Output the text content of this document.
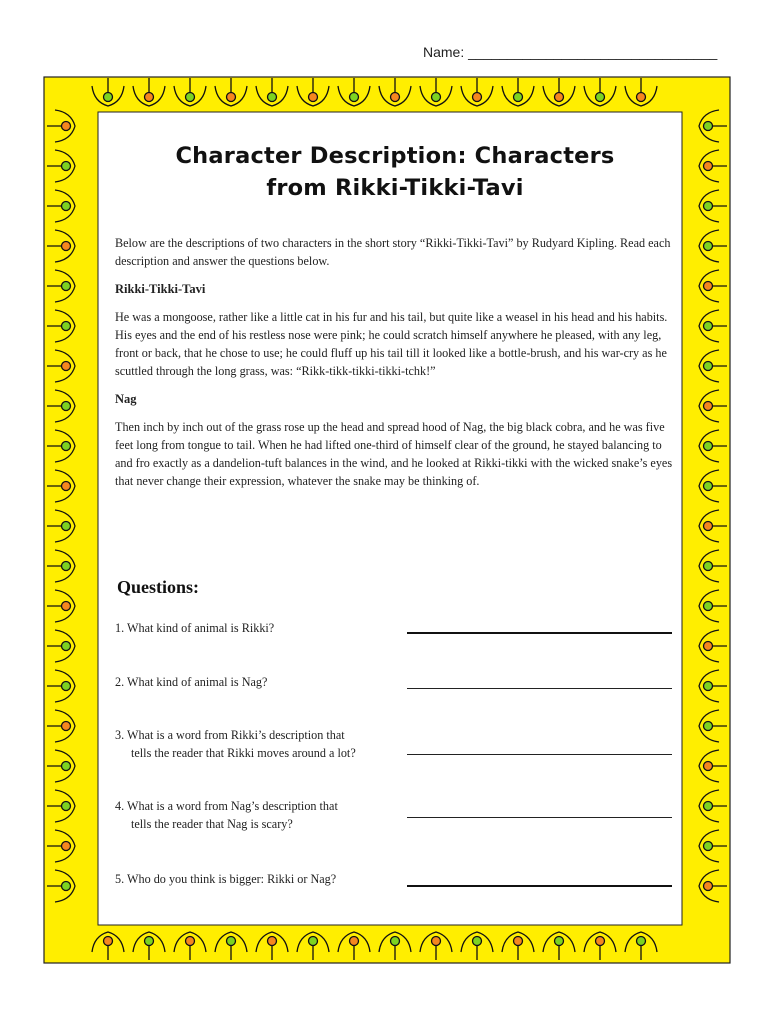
Name: ________________________________
Character Description: Characters
from Rikki-Tikki-Tavi

Below are the descriptions of two characters in the short story “Rikki-Tikki-Tavi” by Rudyard Kipling. Read each description and answer the questions below.

Rikki-Tikki-Tavi

He was a mongoose, rather like a little cat in his fur and his tail, but quite like a weasel in his head and his habits. His eyes and the end of his restless nose were pink; he could scratch himself anywhere he pleased, with any leg, front or back, that he chose to use; he could fluff up his tail till it looked like a bottle-brush, and his war-cry as he scuttled through the long grass, was: “Rikk-tikk-tikki-tikki-tchk!”

Nag

Then inch by inch out of the grass rose up the head and spread hood of Nag, the big black cobra, and he was five feet long from tongue to tail. When he had lifted one-third of himself clear of the ground, he stayed balancing to and fro exactly as a dandelion-tuft balances in the wind, and he looked at Rikki-tikki with the wicked snake’s eyes that never change their expression, whatever the snake may be thinking of.

Questions:
1. What kind of animal is Rikki?
2. What kind of animal is Nag?
3. What is a word from Rikki’s description that
tells the reader that Rikki moves around a lot?
4. What is a word from Nag’s description that
tells the reader that Nag is scary?
5. Who do you think is bigger: Rikki or Nag?
